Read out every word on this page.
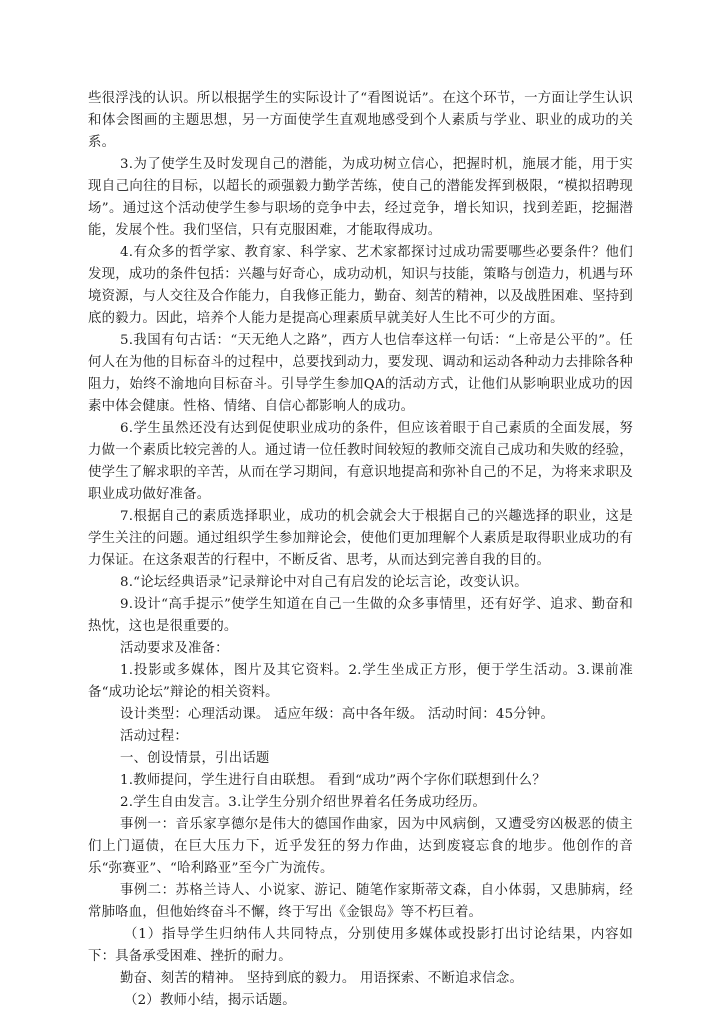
些很浮浅的认识。所以根据学生的实际设计了“看图说话”。在这个环节，一方面让学生认识和体会图画的主题思想，另一方面使学生直观地感受到个人素质与学业、职业的成功的关系。

3.为了使学生及时发现自己的潜能，为成功树立信心，把握时机，施展才能，用于实现自己向往的目标，以超长的顽强毅力勤学苦练，使自己的潜能发挥到极限，“模拟招聘现场”。通过这个活动使学生参与职场的竞争中去，经过竞争，增长知识，找到差距，挖掘潜能，发展个性。我们坚信，只有克服困难，才能取得成功。

4.有众多的哲学家、教育家、科学家、艺术家都探讨过成功需要哪些必要条件？他们发现，成功的条件包括：兴趣与好奇心，成功动机，知识与技能，策略与创造力，机遇与环境资源，与人交往及合作能力，自我修正能力，勤奋、刻苦的精神，以及战胜困难、坚持到底的毅力。因此，培养个人能力是提高心理素质早就美好人生比不可少的方面。

5.我国有句古话：“天无绝人之路”，西方人也信奉这样一句话：“上帝是公平的”。任何人在为他的目标奋斗的过程中，总要找到动力，要发现、调动和运动各种动力去排除各种阻力，始终不渝地向目标奋斗。引导学生参加QA的活动方式，让他们从影响职业成功的因素中体会健康。性格、情绪、自信心都影响人的成功。

6.学生虽然还没有达到促使职业成功的条件，但应该着眼于自己素质的全面发展，努力做一个素质比较完善的人。通过请一位任教时间较短的教师交流自己成功和失败的经验，使学生了解求职的辛苦，从而在学习期间，有意识地提高和弥补自己的不足，为将来求职及职业成功做好准备。

7.根据自己的素质选择职业，成功的机会就会大于根据自己的兴趣选择的职业，这是学生关注的问题。通过组织学生参加辩论会，使他们更加理解个人素质是取得职业成功的有力保证。在这条艰苦的行程中，不断反省、思考，从而达到完善自我的目的。

8.“论坛经典语录”记录辩论中对自己有启发的论坛言论，改变认识。

9.设计“高手提示”使学生知道在自己一生做的众多事情里，还有好学、追求、勤奋和热忱，这也是很重要的。

活动要求及准备：

1.投影或多媒体，图片及其它资料。2.学生坐成正方形，便于学生活动。3.课前准备“成功论坛”辩论的相关资料。

设计类型：心理活动课。 适应年级：高中各年级。 活动时间：45分钟。

活动过程：

一、创设情景，引出话题

1.教师提问，学生进行自由联想。 看到“成功”两个字你们联想到什么？

2.学生自由发言。3.让学生分别介绍世界着名任务成功经历。

事例一：音乐家享德尔是伟大的德国作曲家，因为中风病倒，又遭受穷凶极恶的债主们上门逼债，在巨大压力下，近乎发狂的努力作曲，达到废寝忘食的地步。他创作的音乐“弥赛亚”、“哈利路亚”至今广为流传。

事例二：苏格兰诗人、小说家、游记、随笔作家斯蒂文森，自小体弱，又患肺病，经常肺咯血，但他始终奋斗不懈，终于写出《金银岛》等不朽巨着。

（1）指导学生归纳伟人共同特点，分别使用多媒体或投影打出讨论结果，内容如下：具备承受困难、挫折的耐力。

勤奋、刻苦的精神。 坚持到底的毅力。 用语探索、不断追求信念。

（2）教师小结，揭示话题。
